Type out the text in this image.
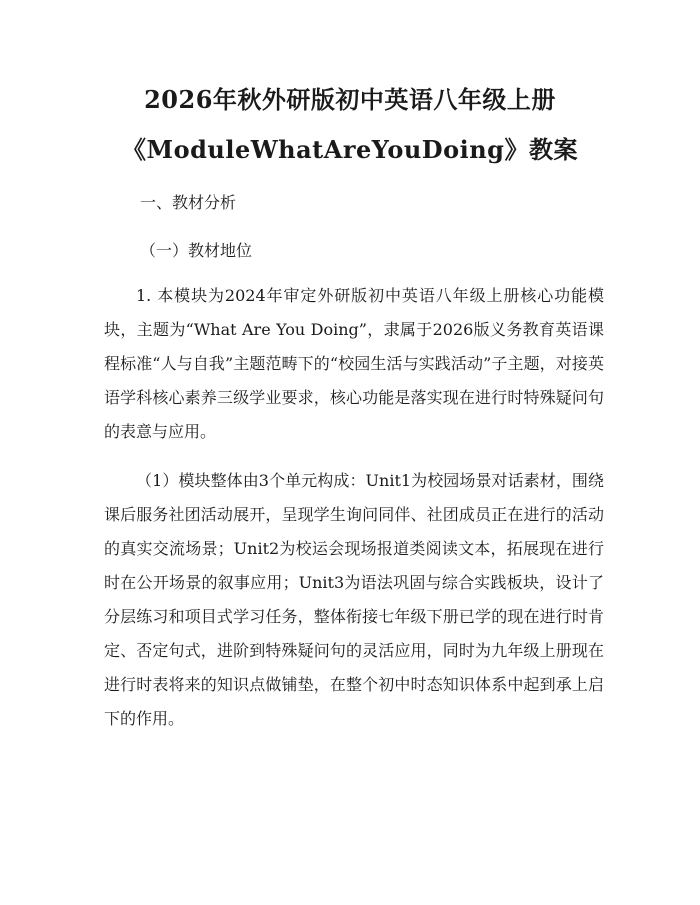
2026年秋外研版初中英语八年级上册
《ModuleWhatAreYouDoing》教案
一、教材分析
（一）教材地位

1. 本模块为2024年审定外研版初中英语八年级上册核心功能模块，主题为“What Are You Doing”，隶属于2026版义务教育英语课程标准“人与自我”主题范畴下的“校园生活与实践活动”子主题，对接英语学科核心素养三级学业要求，核心功能是落实现在进行时特殊疑问句的表意与应用。

（1）模块整体由3个单元构成：Unit1为校园场景对话素材，围绕课后服务社团活动展开，呈现学生询问同伴、社团成员正在进行的活动的真实交流场景；Unit2为校运会现场报道类阅读文本，拓展现在进行时在公开场景的叙事应用；Unit3为语法巩固与综合实践板块，设计了分层练习和项目式学习任务，整体衔接七年级下册已学的现在进行时肯定、否定句式，进阶到特殊疑问句的灵活应用，同时为九年级上册现在进行时表将来的知识点做铺垫，在整个初中时态知识体系中起到承上启下的作用。
